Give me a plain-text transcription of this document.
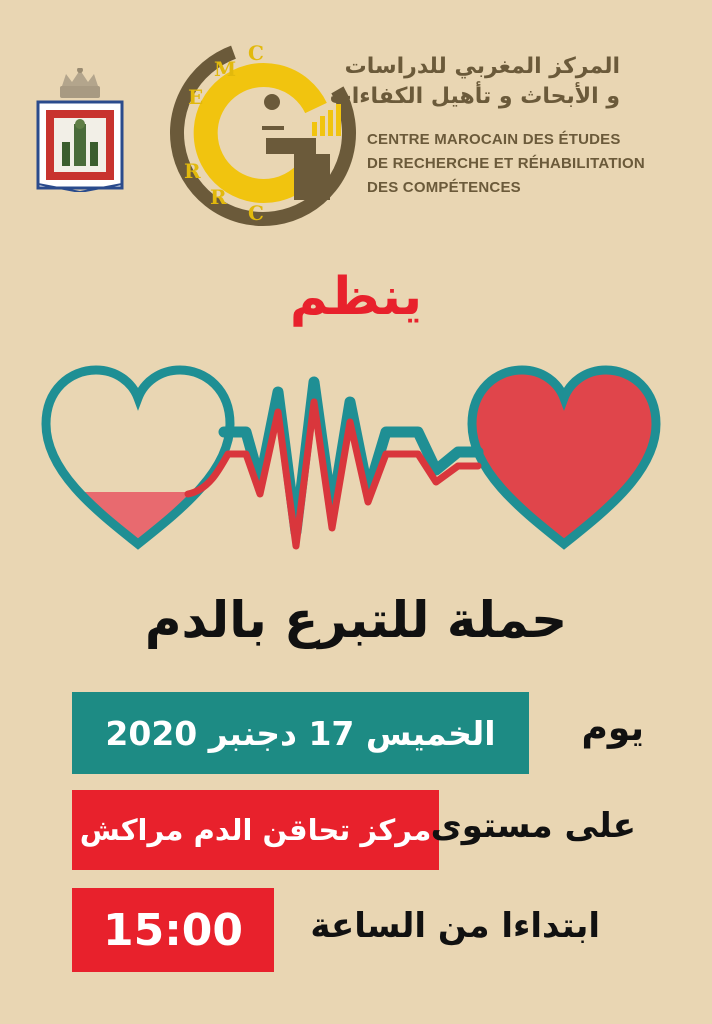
E
M
C
R
R
C
المركز المغربي للدراسات
و الأبحاث و تأهيل الكفاءات
CENTRE MAROCAIN DES ÉTUDES
DE RECHERCHE ET RÉHABILITATION
DES COMPÉTENCES
ينظم
حملة للتبرع بالدم
الخميس 17 دجنبر 2020 يوم
مركز تحاقن الدم مراكش على مستوى
15:00 ابتداءا من الساعة
